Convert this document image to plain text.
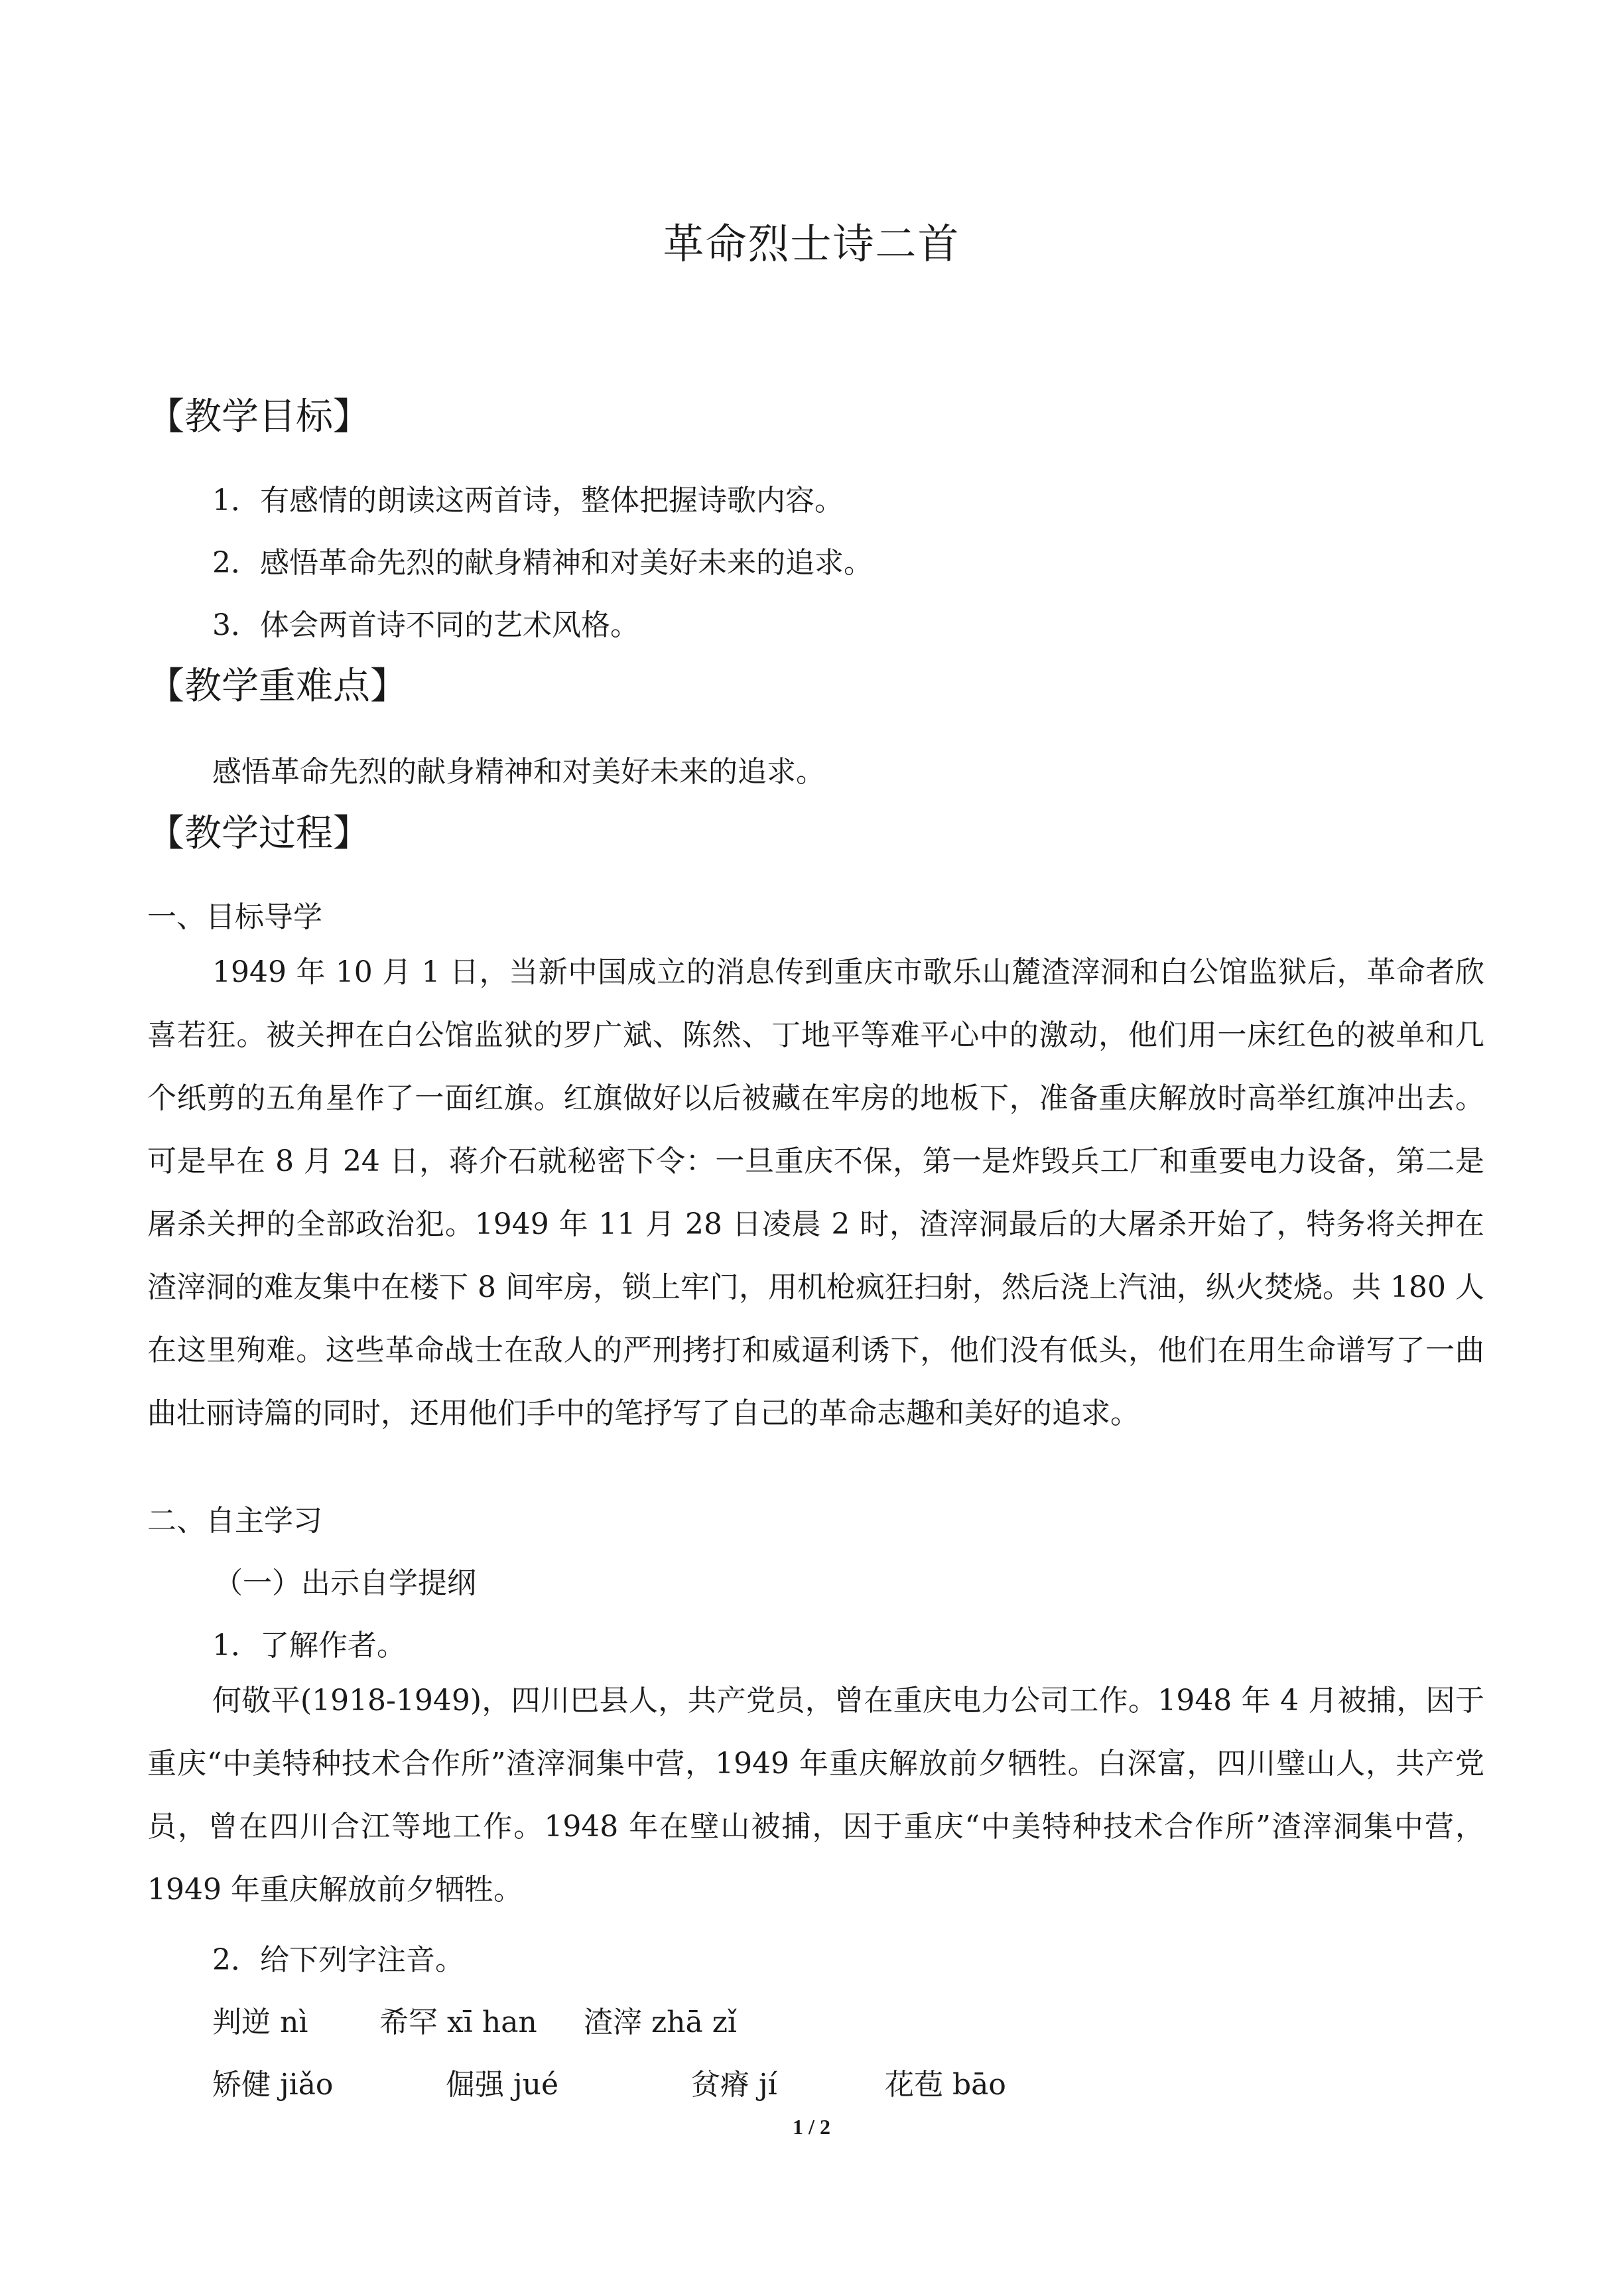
革命烈士诗二首
【教学目标】
1．有感情的朗读这两首诗，整体把握诗歌内容。
2．感悟革命先烈的献身精神和对美好未来的追求。
3．体会两首诗不同的艺术风格。
【教学重难点】
感悟革命先烈的献身精神和对美好未来的追求。
【教学过程】
一、目标导学
1949 年 10 月 1 日，当新中国成立的消息传到重庆市歌乐山麓渣滓洞和白公馆监狱后，革命者欣喜若狂。被关押在白公馆监狱的罗广斌、陈然、丁地平等难平心中的激动，他们用一床红色的被单和几个纸剪的五角星作了一面红旗。红旗做好以后被藏在牢房的地板下，准备重庆解放时高举红旗冲出去。可是早在 8 月 24 日，蒋介石就秘密下令：一旦重庆不保，第一是炸毁兵工厂和重要电力设备，第二是屠杀关押的全部政治犯。1949 年 11 月 28 日凌晨 2 时，渣滓洞最后的大屠杀开始了，特务将关押在渣滓洞的难友集中在楼下 8 间牢房，锁上牢门，用机枪疯狂扫射，然后浇上汽油，纵火焚烧。共 180 人在这里殉难。这些革命战士在敌人的严刑拷打和威逼利诱下，他们没有低头，他们在用生命谱写了一曲曲壮丽诗篇的同时，还用他们手中的笔抒写了自己的革命志趣和美好的追求。
二、自主学习
（一）出示自学提纲
1．了解作者。
何敬平(1918-1949)，四川巴县人，共产党员，曾在重庆电力公司工作。1948 年 4 月被捕，因于重庆“中美特种技术合作所”渣滓洞集中营，1949 年重庆解放前夕牺牲。白深富，四川璧山人，共产党员，曾在四川合江等地工作。1948 年在壁山被捕，因于重庆“中美特种技术合作所”渣滓洞集中营，1949 年重庆解放前夕牺牲。
2．给下列字注音。
判逆 nì 希罕 xī han 渣滓 zhā zǐ
矫健 jiǎo	倔强 jué	贫瘠 jí	花苞 bāo
1 / 2
